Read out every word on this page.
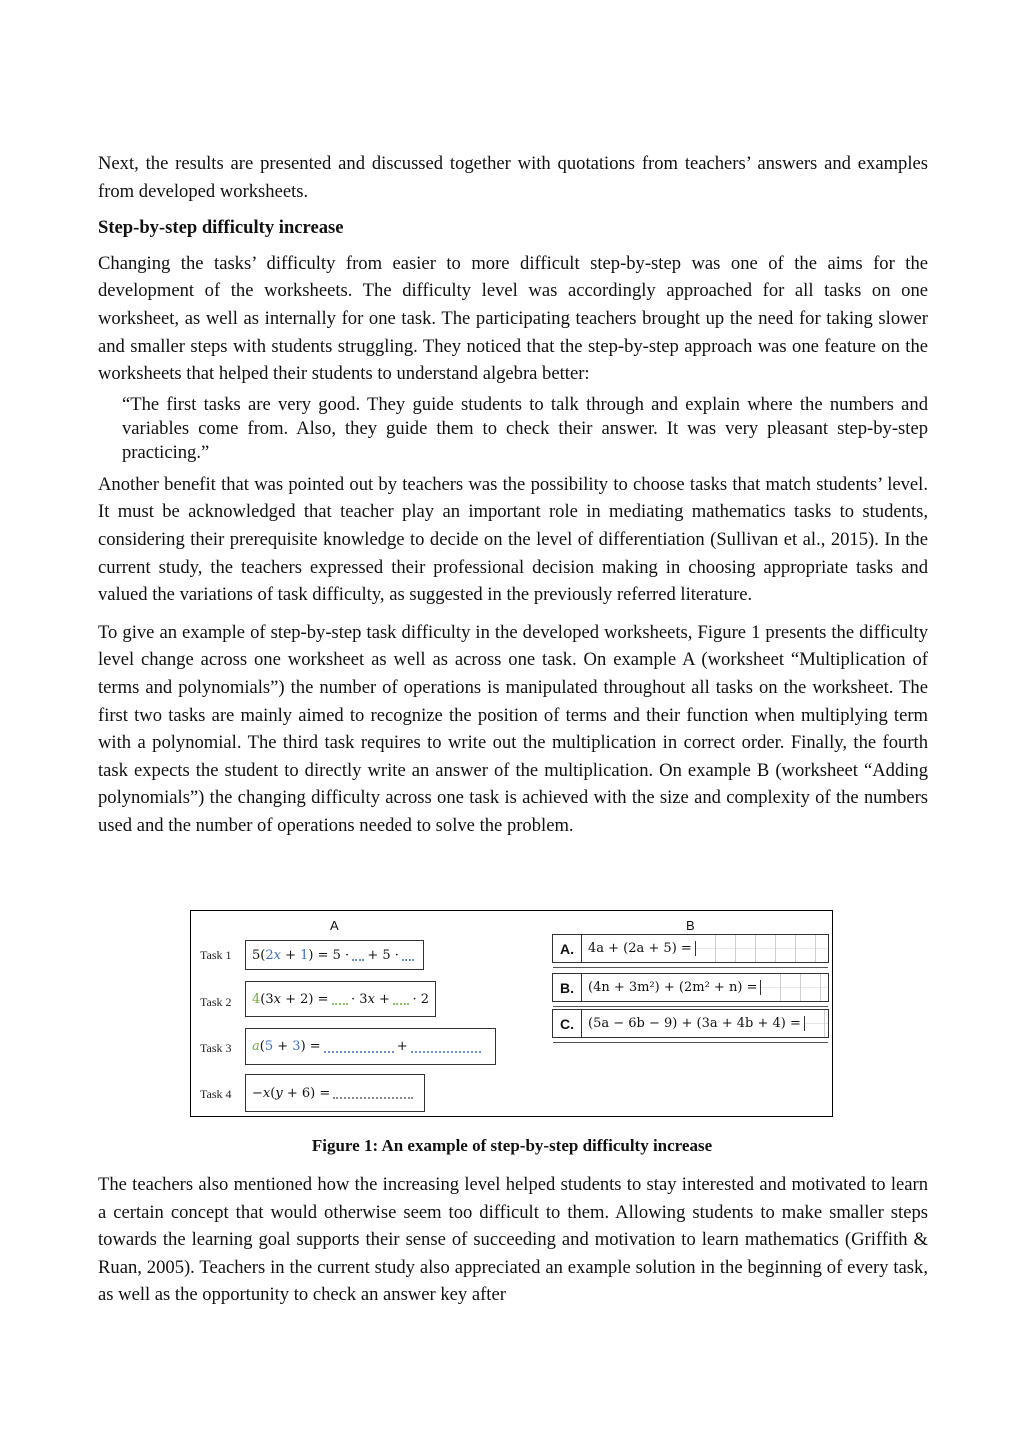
Next, the results are presented and discussed together with quotations from teachers’ answers and examples from developed worksheets.

Step-by-step difficulty increase

Changing the tasks’ difficulty from easier to more difficult step-by-step was one of the aims for the development of the worksheets. The difficulty level was accordingly approached for all tasks on one worksheet, as well as internally for one task. The participating teachers brought up the need for taking slower and smaller steps with students struggling. They noticed that the step-by-step approach was one feature on the worksheets that helped their students to understand algebra better:

“The first tasks are very good. They guide students to talk through and explain where the numbers and variables come from. Also, they guide them to check their answer. It was very pleasant step-by-step practicing.”

Another benefit that was pointed out by teachers was the possibility to choose tasks that match students’ level. It must be acknowledged that teacher play an important role in mediating mathematics tasks to students, considering their prerequisite knowledge to decide on the level of differentiation (Sullivan et al., 2015). In the current study, the teachers expressed their professional decision making in choosing appropriate tasks and valued the variations of task difficulty, as suggested in the previously referred literature.

To give an example of step-by-step task difficulty in the developed worksheets, Figure 1 presents the difficulty level change across one worksheet as well as across one task. On example A (worksheet “Multiplication of terms and polynomials”) the number of operations is manipulated throughout all tasks on the worksheet. The first two tasks are mainly aimed to recognize the position of terms and their function when multiplying term with a polynomial. The third task requires to write out the multiplication in correct order. Finally, the fourth task expects the student to directly write an answer of the multiplication. On example B (worksheet “Adding polynomials”) the changing difficulty across one task is achieved with the size and complexity of the numbers used and the number of operations needed to solve the problem.

A	B
Task 1 5(2x + 1) = 5 · + 5 ·
Task 2 4(3x + 2) = · 3x + · 2
Task 3 a(5 + 3) =	+
Task 4 −x(y + 6) =
A.	4a + (2a + 5) =
B.	(4n + 3m²) + (2m² + n) =
C.	(5a − 6b − 9) + (3a + 4b + 4) =
Figure 1: An example of step-by-step difficulty increase

The teachers also mentioned how the increasing level helped students to stay interested and motivated to learn a certain concept that would otherwise seem too difficult to them. Allowing students to make smaller steps towards the learning goal supports their sense of succeeding and motivation to learn mathematics (Griffith & Ruan, 2005). Teachers in the current study also appreciated an example solution in the beginning of every task, as well as the opportunity to check an answer key after
